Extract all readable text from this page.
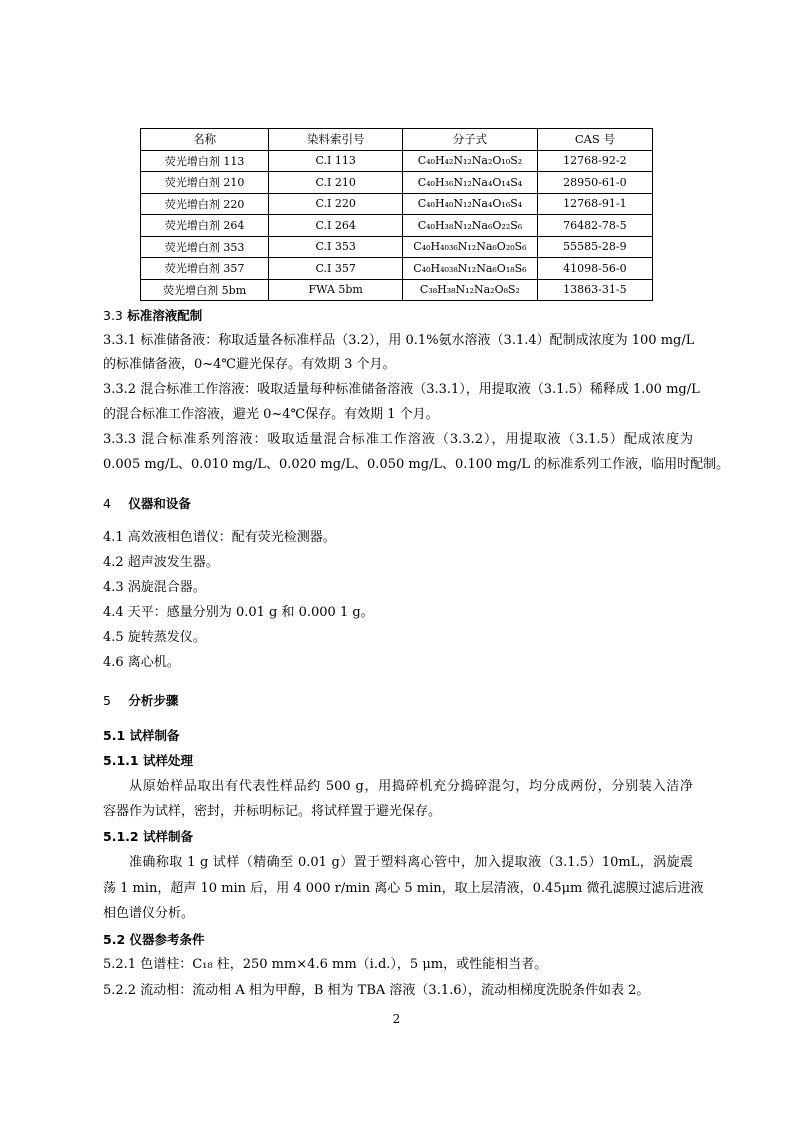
名称	染料索引号	分子式	CAS 号
荧光增白剂 113	C.I 113	C₄₀H₄₂N₁₂Na₂O₁₀S₂	12768-92-2
荧光增白剂 210	C.I 210	C₄₀H₃₆N₁₂Na₄O₁₄S₄	28950-61-0
荧光增白剂 220	C.I 220	C₄₀H₄₀N₁₂Na₄O₁₆S₄	12768-91-1
荧光增白剂 264	C.I 264	C₄₀H₃₈N₁₂Na₆O₂₂S₆	76482-78-5
荧光增白剂 353	C.I 353	C₄₀H₄₀₃₆N₁₂Na₆O₂₀S₆	55585-28-9
荧光增白剂 357	C.I 357	C₄₀H₄₀₃₈N₁₂Na₆O₁₈S₆	41098-56-0
荧光增白剂 5bm	FWA 5bm	C₃₈H₃₈N₁₂Na₂O₈S₂	13863-31-5
3.3 标准溶液配制
3.3.1 标准储备液：称取适量各标准样品（3.2），用 0.1%氨水溶液（3.1.4）配制成浓度为 100 mg/L
的标准储备液，0~4℃避光保存。有效期 3 个月。
3.3.2 混合标准工作溶液：吸取适量每种标准储备溶液（3.3.1），用提取液（3.1.5）稀释成 1.00 mg/L
的混合标准工作溶液，避光 0~4℃保存。有效期 1 个月。
3.3.3 混合标准系列溶液：吸取适量混合标准工作溶液（3.3.2），用提取液（3.1.5）配成浓度为
0.005 mg/L、0.010 mg/L、0.020 mg/L、0.050 mg/L、0.100 mg/L 的标准系列工作液，临用时配制。
4 仪器和设备
4.1 高效液相色谱仪：配有荧光检测器。
4.2 超声波发生器。
4.3 涡旋混合器。
4.4 天平：感量分别为 0.01 g 和 0.000 1 g。
4.5 旋转蒸发仪。
4.6 离心机。
5 分析步骤
5.1 试样制备
5.1.1 试样处理
从原始样品取出有代表性样品约 500 g，用捣碎机充分捣碎混匀，均分成两份，分别装入洁净
容器作为试样，密封，并标明标记。将试样置于避光保存。
5.1.2 试样制备
准确称取 1 g 试样（精确至 0.01 g）置于塑料离心管中，加入提取液（3.1.5）10mL，涡旋震
荡 1 min，超声 10 min 后，用 4 000 r/min 离心 5 min，取上层清液，0.45μm 微孔滤膜过滤后进液
相色谱仪分析。
5.2 仪器参考条件
5.2.1 色谱柱：C₁₈ 柱，250 mm×4.6 mm（i.d.），5 μm，或性能相当者。
5.2.2 流动相：流动相 A 相为甲醇，B 相为 TBA 溶液（3.1.6），流动相梯度洗脱条件如表 2。
2
